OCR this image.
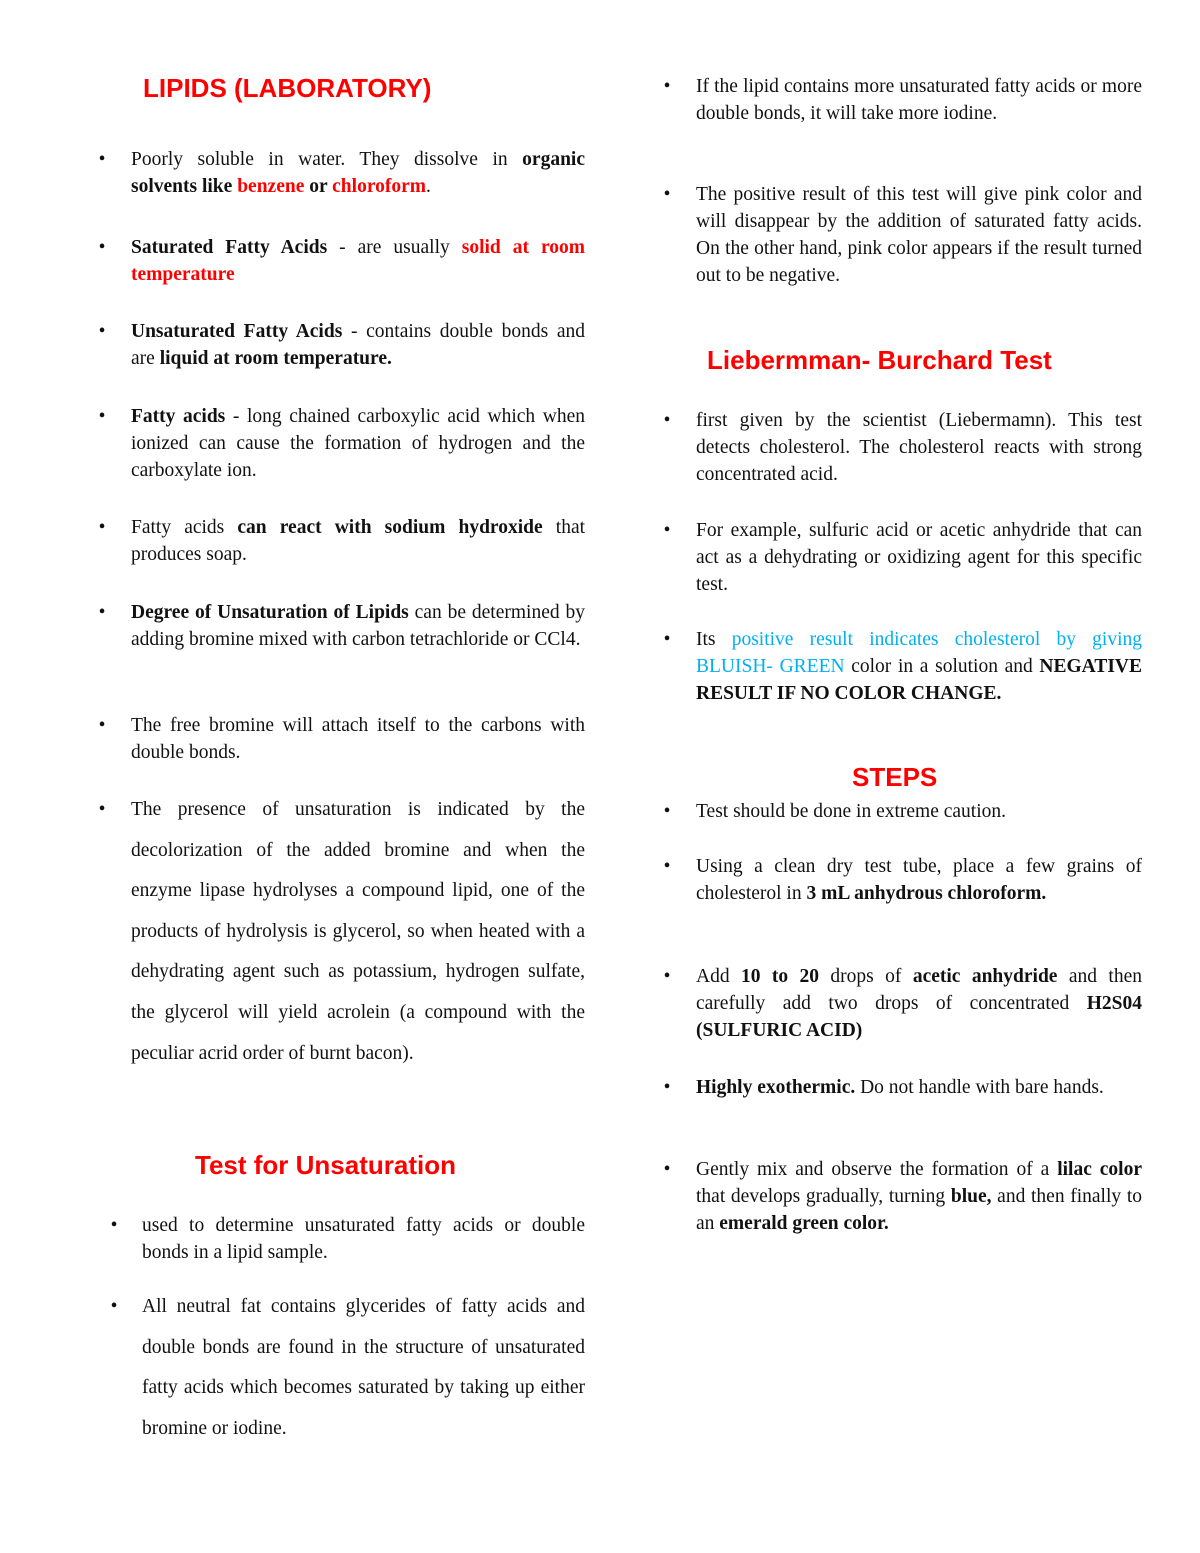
LIPIDS (LABORATORY)
• Poorly soluble in water. They dissolve in organic solvents like benzene or chloroform.
• Saturated Fatty Acids - are usually solid at room temperature
• Unsaturated Fatty Acids - contains double bonds and are liquid at room temperature.
• Fatty acids - long chained carboxylic acid which when ionized can cause the formation of hydrogen and the carboxylate ion.
• Fatty acids can react with sodium hydroxide that produces soap.
• Degree of Unsaturation of Lipids can be determined by adding bromine mixed with carbon tetrachloride or CCl4.
• The free bromine will attach itself to the carbons with double bonds.
• The presence of unsaturation is indicated by the decolorization of the added bromine and when the enzyme lipase hydrolyses a compound lipid, one of the products of hydrolysis is glycerol, so when heated with a dehydrating agent such as potassium, hydrogen sulfate, the glycerol will yield acrolein (a compound with the peculiar acrid order of burnt bacon).
Test for Unsaturation
• used to determine unsaturated fatty acids or double bonds in a lipid sample.
• All neutral fat contains glycerides of fatty acids and double bonds are found in the structure of unsaturated fatty acids which becomes saturated by taking up either bromine or iodine.
• If the lipid contains more unsaturated fatty acids or more double bonds, it will take more iodine.
• The positive result of this test will give pink color and will disappear by the addition of saturated fatty acids. On the other hand, pink color appears if the result turned out to be negative.
Liebermman- Burchard Test
• first given by the scientist (Liebermamn). This test detects cholesterol. The cholesterol reacts with strong concentrated acid.
• For example, sulfuric acid or acetic anhydride that can act as a dehydrating or oxidizing agent for this specific test.
• Its positive result indicates cholesterol by giving BLUISH- GREEN color in a solution and NEGATIVE RESULT IF NO COLOR CHANGE.
STEPS
• Test should be done in extreme caution.
• Using a clean dry test tube, place a few grains of cholesterol in 3 mL anhydrous chloroform.
• Add 10 to 20 drops of acetic anhydride and then carefully add two drops of concentrated H2S04 (SULFURIC ACID)
• Highly exothermic. Do not handle with bare hands.
• Gently mix and observe the formation of a lilac color that develops gradually, turning blue, and then finally to an emerald green color.
